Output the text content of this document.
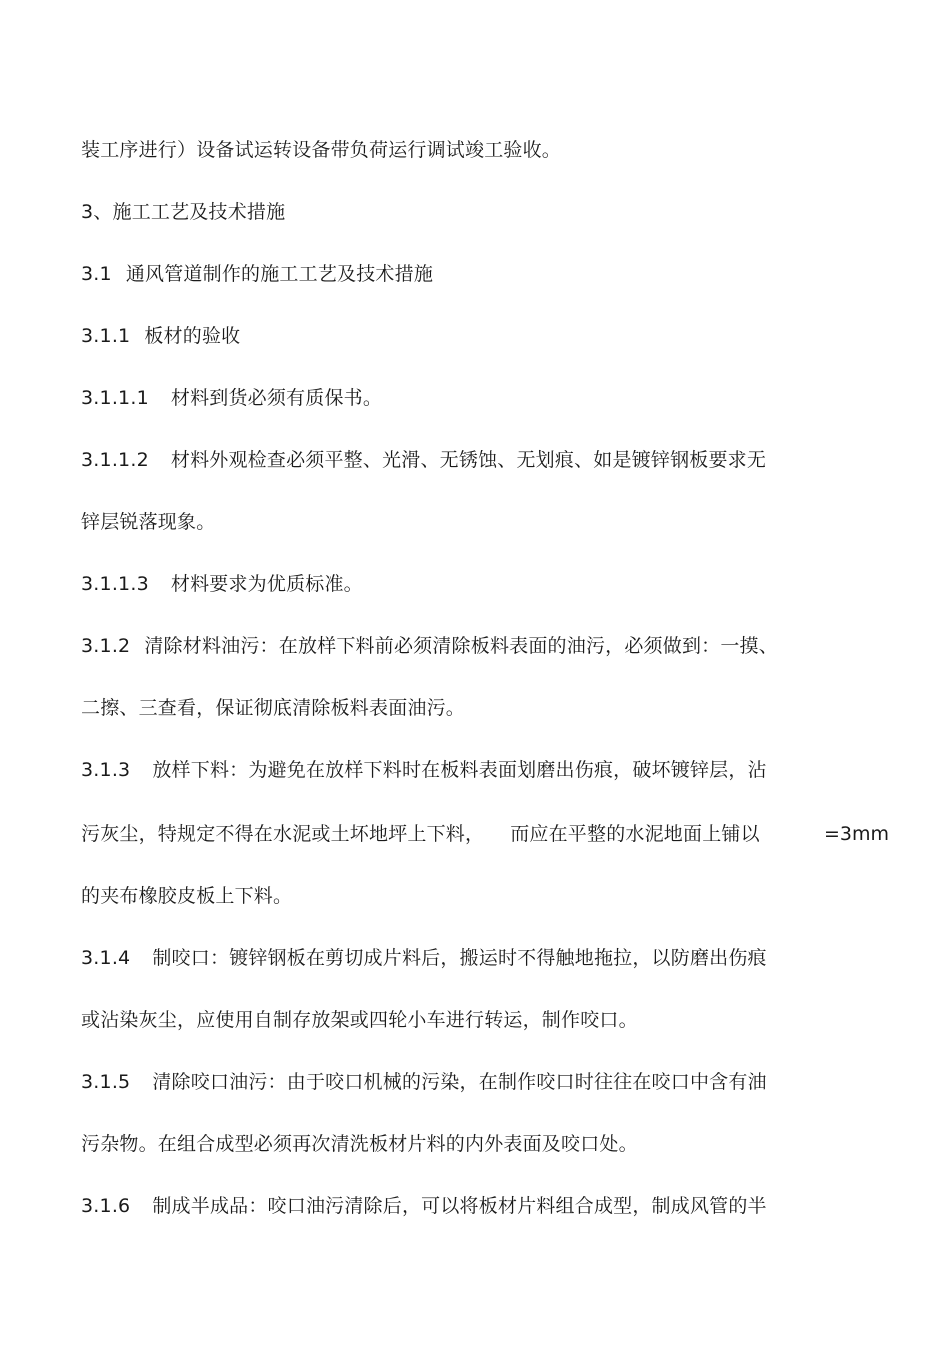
装工序进行）设备试运转设备带负荷运行调试竣工验收。
3、施工工艺及技术措施
3.1 通风管道制作的施工工艺及技术措施
3.1.1 板材的验收
3.1.1.1 材料到货必须有质保书。
3.1.1.2 材料外观检查必须平整、光滑、无锈蚀、无划痕、如是镀锌钢板要求无
锌层锐落现象。
3.1.1.3 材料要求为优质标准。
3.1.2 清除材料油污：在放样下料前必须清除板料表面的油污，必须做到：一摸、
二擦、三查看，保证彻底清除板料表面油污。
3.1.3 放样下料：为避免在放样下料时在板料表面划磨出伤痕，破坏镀锌层，沾
污灰尘，特规定不得在水泥或土坏地坪上下料， 而应在平整的水泥地面上铺以	=3mm
的夹布橡胶皮板上下料。
3.1.4 制咬口：镀锌钢板在剪切成片料后，搬运时不得触地拖拉，以防磨出伤痕
或沾染灰尘，应使用自制存放架或四轮小车进行转运，制作咬口。
3.1.5 清除咬口油污：由于咬口机械的污染，在制作咬口时往往在咬口中含有油
污杂物。在组合成型必须再次清洗板材片料的内外表面及咬口处。
3.1.6 制成半成品：咬口油污清除后，可以将板材片料组合成型，制成风管的半
